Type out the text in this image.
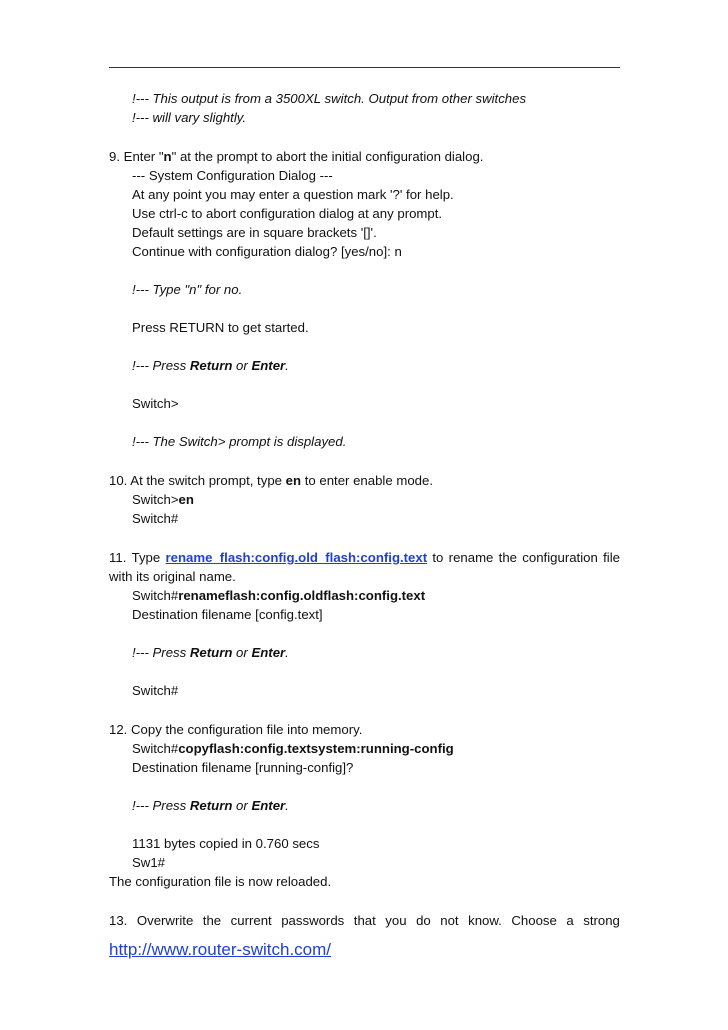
!--- This output is from a 3500XL switch. Output from other switches
!--- will vary slightly.
9. Enter "n" at the prompt to abort the initial configuration dialog.
--- System Configuration Dialog ---
At any point you may enter a question mark '?' for help.
Use ctrl-c to abort configuration dialog at any prompt.
Default settings are in square brackets '[]'.
Continue with configuration dialog? [yes/no]: n
!--- Type "n" for no.
Press RETURN to get started.
!--- Press Return or Enter.
Switch>
!--- The Switch> prompt is displayed.
10. At the switch prompt, type en to enter enable mode.
Switch>en
Switch#
11. Type rename_flash:config.old_flash:config.text to rename the configuration file
with its original name.
Switch#renameflash:config.oldflash:config.text
Destination filename [config.text]
!--- Press Return or Enter.
Switch#
12. Copy the configuration file into memory.
Switch#copyflash:config.textsystem:running-config
Destination filename [running-config]?
!--- Press Return or Enter.
1131 bytes copied in 0.760 secs
Sw1#
The configuration file is now reloaded.
13. Overwrite the current passwords that you do not know. Choose a strong
http://www.router-switch.com/
